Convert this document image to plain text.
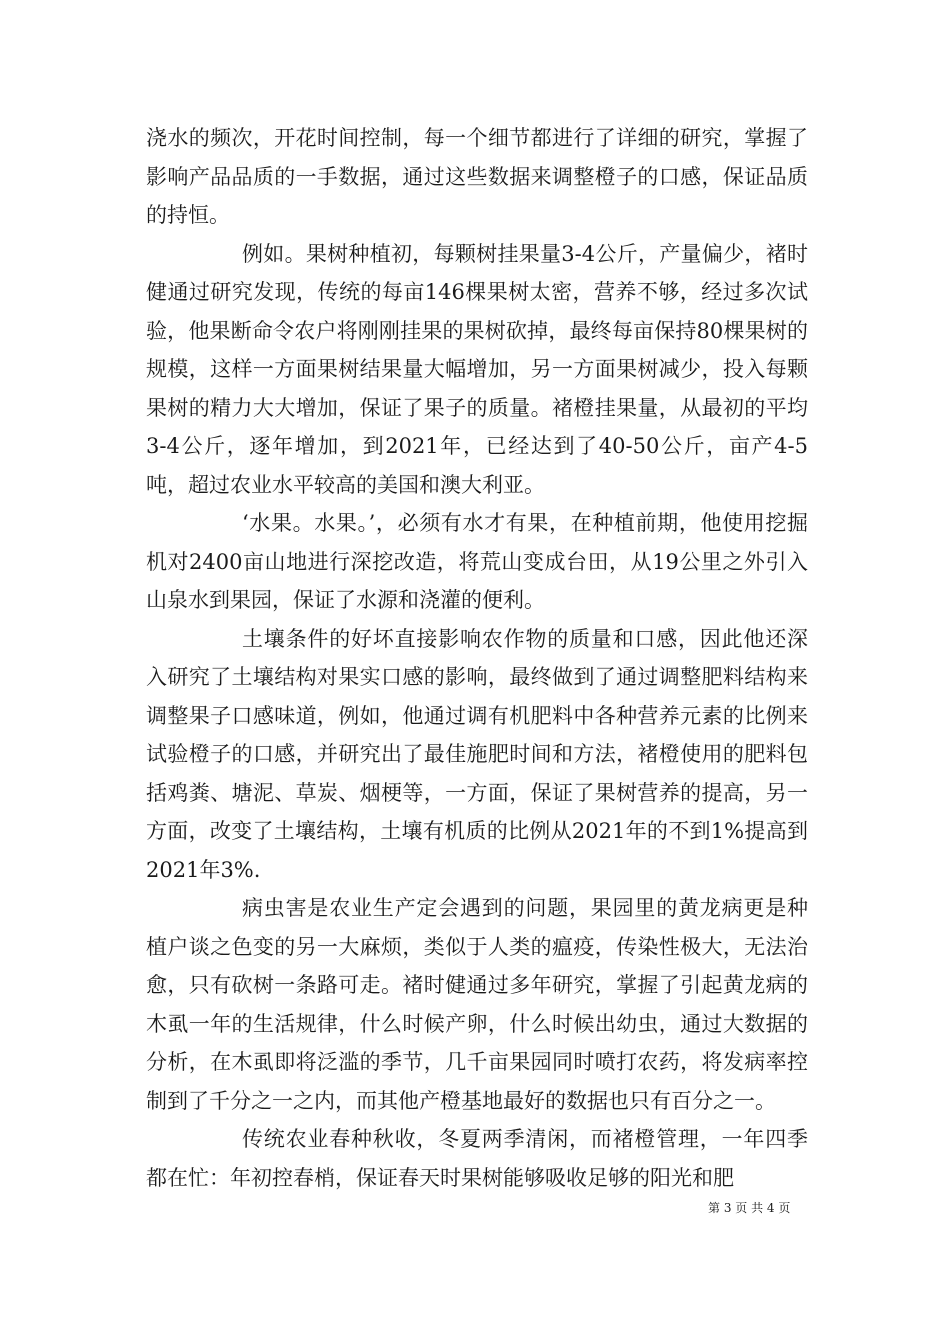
浇水的频次，开花时间控制，每一个细节都进行了详细的研究，掌握了影响产品品质的一手数据，通过这些数据来调整橙子的口感，保证品质的持恒。

例如。果树种植初，每颗树挂果量3-4公斤，产量偏少，褚时健通过研究发现，传统的每亩146棵果树太密，营养不够，经过多次试验，他果断命令农户将刚刚挂果的果树砍掉，最终每亩保持80棵果树的规模，这样一方面果树结果量大幅增加，另一方面果树减少，投入每颗果树的精力大大增加，保证了果子的质量。褚橙挂果量，从最初的平均3-4公斤，逐年增加，到2021年，已经达到了40-50公斤，亩产4-5吨，超过农业水平较高的美国和澳大利亚。

‘水果。水果。’，必须有水才有果，在种植前期，他使用挖掘机对2400亩山地进行深挖改造，将荒山变成台田，从19公里之外引入山泉水到果园，保证了水源和浇灌的便利。

土壤条件的好坏直接影响农作物的质量和口感，因此他还深入研究了土壤结构对果实口感的影响，最终做到了通过调整肥料结构来调整果子口感味道，例如，他通过调有机肥料中各种营养元素的比例来试验橙子的口感，并研究出了最佳施肥时间和方法，褚橙使用的肥料包括鸡粪、塘泥、草炭、烟梗等，一方面，保证了果树营养的提高，另一方面，改变了土壤结构，土壤有机质的比例从2021年的不到1%提高到2021年3%.

病虫害是农业生产定会遇到的问题，果园里的黄龙病更是种植户谈之色变的另一大麻烦，类似于人类的瘟疫，传染性极大，无法治愈，只有砍树一条路可走。褚时健通过多年研究，掌握了引起黄龙病的木虱一年的生活规律，什么时候产卵，什么时候出幼虫，通过大数据的分析，在木虱即将泛滥的季节，几千亩果园同时喷打农药，将发病率控制到了千分之一之内，而其他产橙基地最好的数据也只有百分之一。

传统农业春种秋收，冬夏两季清闲，而褚橙管理，一年四季都在忙：年初控春梢，保证春天时果树能够吸收足够的阳光和肥

第 3 页 共 4 页
